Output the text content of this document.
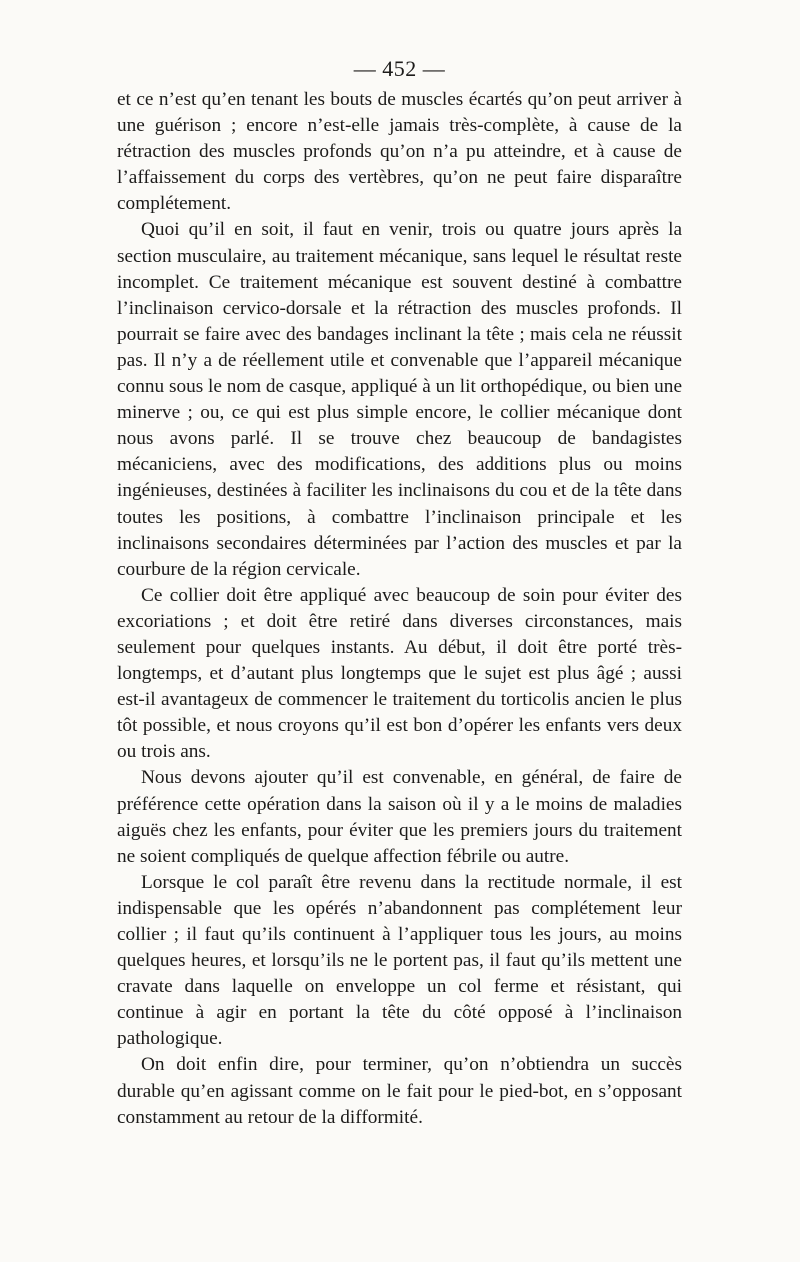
— 452 —

et ce n’est qu’en tenant les bouts de muscles écartés qu’on peut arriver à une guérison ; encore n’est-elle jamais très-complète, à cause de la rétraction des muscles profonds qu’on n’a pu atteindre, et à cause de l’affaissement du corps des vertèbres, qu’on ne peut faire disparaître complétement.

Quoi qu’il en soit, il faut en venir, trois ou quatre jours après la section musculaire, au traitement mécanique, sans lequel le résultat reste incomplet. Ce traitement mécanique est souvent destiné à combattre l’inclinaison cervico-dorsale et la rétraction des muscles profonds. Il pourrait se faire avec des bandages inclinant la tête ; mais cela ne réussit pas. Il n’y a de réellement utile et convenable que l’appareil mécanique connu sous le nom de casque, appliqué à un lit orthopédique, ou bien une minerve ; ou, ce qui est plus simple encore, le collier mécanique dont nous avons parlé. Il se trouve chez beaucoup de bandagistes mécaniciens, avec des modifications, des additions plus ou moins ingénieuses, destinées à faciliter les inclinaisons du cou et de la tête dans toutes les positions, à combattre l’inclinaison principale et les inclinaisons secondaires déterminées par l’action des muscles et par la courbure de la région cervicale.

Ce collier doit être appliqué avec beaucoup de soin pour éviter des excoriations ; et doit être retiré dans diverses circonstances, mais seulement pour quelques instants. Au début, il doit être porté très-longtemps, et d’autant plus longtemps que le sujet est plus âgé ; aussi est-il avantageux de commencer le traitement du torticolis ancien le plus tôt possible, et nous croyons qu’il est bon d’opérer les enfants vers deux ou trois ans.

Nous devons ajouter qu’il est convenable, en général, de faire de préférence cette opération dans la saison où il y a le moins de maladies aiguës chez les enfants, pour éviter que les premiers jours du traitement ne soient compliqués de quelque affection fébrile ou autre.

Lorsque le col paraît être revenu dans la rectitude normale, il est indispensable que les opérés n’abandonnent pas complétement leur collier ; il faut qu’ils continuent à l’appliquer tous les jours, au moins quelques heures, et lorsqu’ils ne le portent pas, il faut qu’ils mettent une cravate dans laquelle on enveloppe un col ferme et résistant, qui continue à agir en portant la tête du côté opposé à l’inclinaison pathologique.

On doit enfin dire, pour terminer, qu’on n’obtiendra un succès durable qu’en agissant comme on le fait pour le pied-bot, en s’opposant constamment au retour de la difformité.
